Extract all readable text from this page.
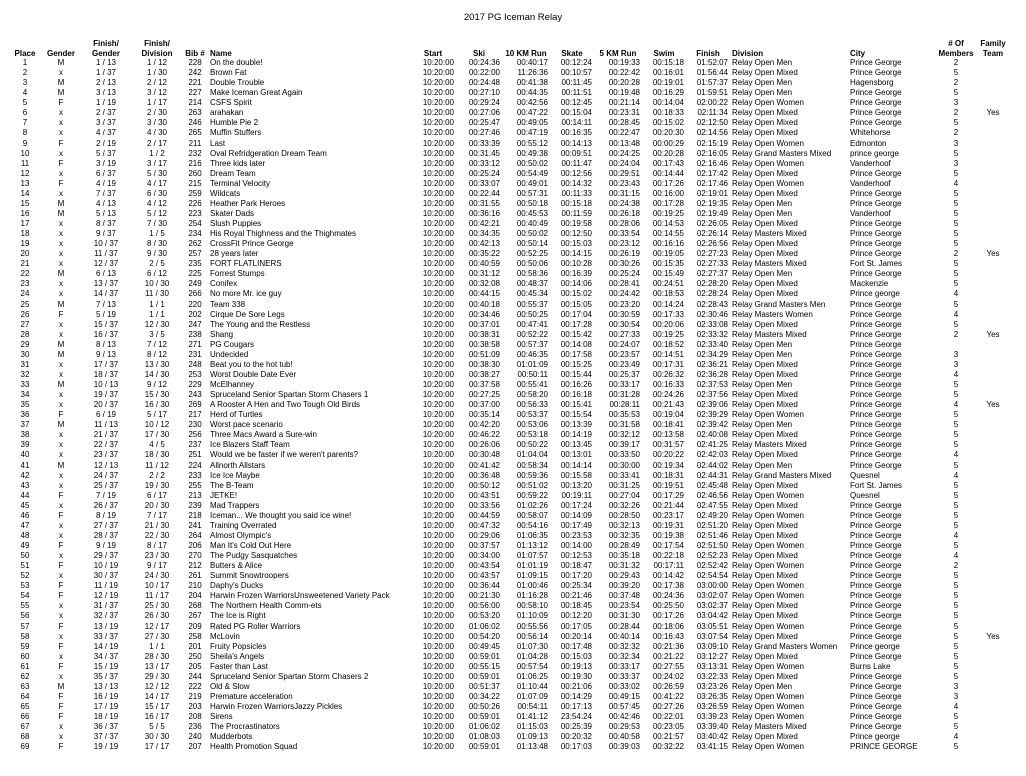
2017 PG Iceman Relay
Place	Gender	Finish/ Gender	Finish/ Division	Bib #	Name	Start	Ski	10 KM Run	Skate	5 KM Run	Swim	Finish	Division	City	# Of Members	Family Team
1	M	1 / 13	1 / 12	228	On the double!	10:20:00	00:24:36	00:40:17	00:12:24	00:19:33	00:15:18	01:52:07	Relay Open Men	Prince George	2	
2	x	1 / 37	1 / 30	242	Brown Fat	10:20:00	00:22:00	11:26:36	00:10:57	00:22:42	00:16:01	01:56:44	Relay Open Mixed	Prince George	5	
3	M	2 / 13	2 / 12	221	Double Trouble	10:20:00	00:24:48	00:41:38	00:11:45	00:20:28	00:19:01	01:57:37	Relay Open Men	Hagensborg	2	
4	M	3 / 13	3 / 12	227	Make Iceman Great Again	10:20:00	00:27:10	00:44:35	00:11:51	00:19:48	00:16:29	01:59:51	Relay Open Men	Prince George	5	
5	F	1 / 19	1 / 17	214	CSFS Spirit	10:20:00	00:29:24	00:42:56	00:12:45	00:21:14	00:14:04	02:00:22	Relay Open Women	Prince George	3	
6	x	2 / 37	2 / 30	263	arahakan	10:20:00	00:27:06	00:47:22	00:15:04	00:23:31	00:18:33	02:11:34	Relay Open Mixed	Prince George	2	Yes
7	x	3 / 37	3 / 30	246	Humble Pie 2	10:20:00	00:25:47	00:49:05	00:14:11	00:28:45	00:15:02	02:12:50	Relay Open Mixed	Prince George	5	
8	x	4 / 37	4 / 30	265	Muffin Stuffers	10:20:00	00:27:46	00:47:19	00:16:35	00:22:47	00:20:30	02:14:56	Relay Open Mixed	Whitehorse	2	
9	F	2 / 19	2 / 17	211	Last	10:20:00	00:33:39	00:55:12	00:14:13	00:13:48	00:00:29	02:15:19	Relay Open Women	Edmonton	3	
10	x	5 / 37	1 / 2	232	Oval Refridgeration Dream Team	10:20:00	00:31:45	00:49:38	00:09:51	00:24:25	00:20:28	02:16:05	Relay Grand Masters Mixed	prince george	5	
11	F	3 / 19	3 / 17	216	Three kids later	10:20:00	00:33:12	00:50:02	00:11:47	00:24:04	00:17:43	02:16:46	Relay Open Women	Vanderhoof	3	
12	x	6 / 37	5 / 30	260	Dream Team	10:20:00	00:25:24	00:54:49	00:12:56	00:29:51	00:14:44	02:17:42	Relay Open Mixed	Prince George	5	
13	F	4 / 19	4 / 17	215	Terminal Velocity	10:20:00	00:33:07	00:49:01	00:14:32	00:23:43	00:17:26	02:17:46	Relay Open Women	Vanderhoof	4	
14	x	7 / 37	6 / 30	259	Wildcats	10:20:00	00:22:44	00:57:31	00:11:33	00:31:15	00:16:00	02:19:01	Relay Open Mixed	Prince George	5	
15	M	4 / 13	4 / 12	226	Heather Park Heroes	10:20:00	00:31:55	00:50:18	00:15:18	00:24:38	00:17:28	02:19:35	Relay Open Men	Prince George	5	
16	M	5 / 13	5 / 12	223	Skater Dads	10:20:00	00:36:16	00:45:53	00:11:59	00:26:18	00:19:25	02:19:49	Relay Open Men	Vanderhoof	5	
17	x	8 / 37	7 / 30	254	Slush Puppies	10:20:00	00:42:21	00:40:49	00:19:58	00:28:06	00:14:53	02:26:05	Relay Open Mixed	Prince George	5	
18	x	9 / 37	1 / 5	234	His Royal Thighness and the Thighmates	10:20:00	00:34:35	00:50:02	00:12:50	00:33:54	00:14:55	02:26:14	Relay Masters Mixed	Prince George	5	
19	x	10 / 37	8 / 30	262	CrossFit Prince George	10:20:00	00:42:13	00:50:14	00:15:03	00:23:12	00:16:16	02:26:56	Relay Open Mixed	Prince George	5	
20	x	11 / 37	9 / 30	257	28 years later	10:20:00	00:35:22	00:52:25	00:14:15	00:26:19	00:19:05	02:27:23	Relay Open Mixed	Prince George	2	Yes
21	x	12 / 37	2 / 5	235	FORT FLATLINERS	10:20:00	00:40:59	00:50:06	00:10:28	00:30:26	00:15:35	02:27:33	Relay Masters Mixed	Fort St. James	5	
22	M	6 / 13	6 / 12	225	Forrest Stumps	10:20:00	00:31:12	00:58:36	00:16:39	00:25:24	00:15:49	02:27:37	Relay Open Men	Prince George	5	
23	x	13 / 37	10 / 30	249	Conifex	10:20:00	00:32:08	00:48:37	00:14:06	00:28:41	00:24:51	02:28:20	Relay Open Mixed	Mackenzie	5	
24	x	14 / 37	11 / 30	266	No more Mr. ice guy	10:20:00	00:44:15	00:45:34	00:15:02	00:24:42	00:18:53	02:28:24	Relay Open Mixed	Prince george	4	
25	M	7 / 13	1 / 1	220	Team 338	10:20:00	00:40:18	00:55:37	00:15:05	00:23:20	00:14:24	02:28:43	Relay Grand Masters Men	Prince George	5	
26	F	5 / 19	1 / 1	202	Cirque De Sore Legs	10:20:00	00:34:46	00:50:25	00:17:04	00:30:59	00:17:33	02:30:46	Relay Masters Women	Prince George	4	
27	x	15 / 37	12 / 30	247	The Young and the Restless	10:20:00	00:37:01	00:47:41	00:17:28	00:30:54	00:20:06	02:33:08	Relay Open Mixed	Prince George	5	
28	x	16 / 37	3 / 5	238	Shang	10:20:00	00:38:31	00:52:22	00:15:42	00:27:33	00:19:25	02:33:32	Relay Masters Mixed	Prince George	2	Yes
29	M	8 / 13	7 / 12	271	PG Cougars	10:20:00	00:38:58	00:57:37	00:14:08	00:24:07	00:18:52	02:33:40	Relay Open Men	Prince George		
30	M	9 / 13	8 / 12	231	Undecided	10:20:00	00:51:09	00:46:35	00:17:58	00:23:57	00:14:51	02:34:29	Relay Open Men	Prince George	3	
31	x	17 / 37	13 / 30	248	Beat you to the hot tub!	10:20:00	00:38:30	01:01:09	00:15:25	00:23:49	00:17:31	02:36:21	Relay Open Mixed	Prince George	3	
32	x	18 / 37	14 / 30	253	Worst Double Date Ever	10:20:00	00:38:27	00:50:11	00:15:44	00:25:37	00:26:32	02:36:28	Relay Open Mixed	Prince George	4	
33	M	10 / 13	9 / 12	229	McElhanney	10:20:00	00:37:58	00:55:41	00:16:26	00:33:17	00:16:33	02:37:53	Relay Open Men	Prince George	5	
34	x	19 / 37	15 / 30	243	Spruceland Senior Spartan Storm Chasers 1	10:20:00	00:27:25	00:58:20	00:16:18	00:31:28	00:24:26	02:37:56	Relay Open Mixed	Prince George	5	
35	x	20 / 37	16 / 30	269	A Rooster A Hen and Two Tough Old Birds	10:20:00	00:37:00	00:56:33	00:15:41	00:28:11	00:21:43	02:39:06	Relay Open Mixed	Prince George	4	Yes
36	F	6 / 19	5 / 17	217	Herd of Turtles	10:20:00	00:35:14	00:53:37	00:15:54	00:35:53	00:19:04	02:39:29	Relay Open Women	Prince George	5	
37	M	11 / 13	10 / 12	230	Worst pace scenario	10:20:00	00:42:20	00:53:06	00:13:39	00:31:58	00:18:41	02:39:42	Relay Open Men	Prince George	5	
38	x	21 / 37	17 / 30	256	Three Macs Award a Sure-win	10:20:00	00:46:22	00:53:18	00:14:19	00:32:12	00:13:58	02:40:08	Relay Open Mixed	Prince George	5	
39	x	22 / 37	4 / 5	237	Ice Blazers Staff Team	10:20:00	00:26:06	00:50:22	00:13:45	00:39:17	00:31:57	02:41:25	Relay Masters Mixed	Prince George	5	
40	x	23 / 37	18 / 30	251	Would we be faster if we weren't parents?	10:20:00	00:30:48	01:04:04	00:13:01	00:33:50	00:20:22	02:42:03	Relay Open Mixed	Prince George	4	
41	M	12 / 13	11 / 12	224	Allnorth Allstars	10:20:00	00:41:42	00:58:34	00:14:14	00:30:00	00:19:34	02:44:02	Relay Open Men	Prince George	5	
42	x	24 / 37	2 / 2	233	Ice Ice Maybe	10:20:00	00:36:48	00:59:36	00:15:58	00:33:41	00:18:31	02:44:31	Relay Grand Masters Mixed	Quesnel	4	
43	x	25 / 37	19 / 30	255	The B-Team	10:20:00	00:50:12	00:51:02	00:13:20	00:31:25	00:19:51	02:45:48	Relay Open Mixed	Fort St. James	5	
44	F	7 / 19	6 / 17	213	JETKE!	10:20:00	00:43:51	00:59:22	00:19:11	00:27:04	00:17:29	02:46:56	Relay Open Women	Quesnel	5	
45	x	26 / 37	20 / 30	239	Mad Trappers	10:20:00	00:33:56	01:02:26	00:17:24	00:32:26	00:21:44	02:47:55	Relay Open Mixed	Prince George	5	
46	F	8 / 19	7 / 17	218	Iceman... We thought you said ice wine!	10:20:00	00:44:59	00:58:07	00:14:09	00:28:50	00:23:17	02:49:20	Relay Open Women	Prince George	5	
47	x	27 / 37	21 / 30	241	Training Overrated	10:20:00	00:47:32	00:54:16	00:17:49	00:32:13	00:19:31	02:51:20	Relay Open Mixed	Prince George	5	
48	x	28 / 37	22 / 30	264	Almost Olympic's	10:20:00	00:29:06	01:06:35	00:23:53	00:32:35	00:19:38	02:51:46	Relay Open Mixed	Prince George	4	
49	F	9 / 19	8 / 17	206	Man It's Cold Out Here	10:20:00	00:37:57	01:13:12	00:14:00	00:28:49	00:17:54	02:51:50	Relay Open Women	Prince George	5	
50	x	29 / 37	23 / 30	270	The Pudgy Sasquatches	10:20:00	00:34:00	01:07:57	00:12:53	00:35:18	00:22:18	02:52:23	Relay Open Mixed	Prince George	4	
51	F	10 / 19	9 / 17	212	Butters & Alice	10:20:00	00:43:54	01:01:19	00:18:47	00:31:32	00:17:11	02:52:42	Relay Open Women	Prince George	2	
52	x	30 / 37	24 / 30	261	Summit Snowtroopers	10:20:00	00:43:57	01:09:15	00:17:20	00:29:43	00:14:42	02:54:54	Relay Open Mixed	Prince George	5	
53	F	11 / 19	10 / 17	210	Daphy's Ducks	10:20:00	00:36:44	01:00:46	00:25:34	00:39:20	00:17:38	03:00:00	Relay Open Women	Prince George	5	
54	F	12 / 19	11 / 17	204	Harwin Frozen WarriorsUnsweetened Variety Pack	10:20:00	00:21:30	01:16:28	00:21:46	00:37:48	00:24:36	03:02:07	Relay Open Women	Prince George	5	
55	x	31 / 37	25 / 30	268	The Northern Health Comm-ets	10:20:00	00:56:00	00:58:10	00:18:45	00:23:54	00:25:50	03:02:37	Relay Open Mixed	Prince George	5	
56	x	32 / 37	26 / 30	267	The Ice is Right	10:20:00	00:53:20	01:10:09	00:12:20	00:31:30	00:17:26	03:04:42	Relay Open Mixed	Prince George	5	
57	F	13 / 19	12 / 17	209	Rated PG Roller Warriors	10:20:00	01:06:02	00:55:56	00:17:05	00:28:44	00:18:06	03:05:51	Relay Open Women	Prince George	5	
58	x	33 / 37	27 / 30	258	McLovin	10:20:00	00:54:20	00:56:14	00:20:14	00:40:14	00:16:43	03:07:54	Relay Open Mixed	Prince George	5	Yes
59	F	14 / 19	1 / 1	201	Fruity Popsicles	10:20:00	00:49:45	01:07:30	00:17:48	00:32:32	00:21:36	03:09:10	Relay Grand Masters Women	Prince george	5	
60	x	34 / 37	28 / 30	250	Sheila's Angels	10:20:00	00:59:01	01:04:28	00:15:03	00:32:34	00:21:22	03:12:27	Relay Open Mixed	Prince George	5	
61	F	15 / 19	13 / 17	205	Faster than Last	10:20:00	00:55:15	00:57:54	00:19:13	00:33:17	00:27:55	03:13:31	Relay Open Women	Burns Lake	5	
62	x	35 / 37	29 / 30	244	Spruceland Senior Spartan Storm Chasers 2	10:20:00	00:59:01	01:06:25	00:19:30	00:33:37	00:24:02	03:22:33	Relay Open Mixed	Prince George	5	
63	M	13 / 13	12 / 12	222	Old & Slow	10:20:00	00:51:37	01:10:44	00:21:06	00:33:02	00:26:59	03:23:26	Relay Open Men	Prince George	3	
64	F	16 / 19	14 / 17	219	Premature acceleration	10:20:00	00:34:22	01:07:09	00:14:29	00:49:15	00:41:22	03:26:35	Relay Open Women	Prince George	3	
65	F	17 / 19	15 / 17	203	Harwin Frozen WarriorsJazzy Pickles	10:20:00	00:50:26	00:54:11	00:17:13	00:57:45	00:27:26	03:26:59	Relay Open Women	Prince George	4	
66	F	18 / 19	16 / 17	208	Sirens	10:20:00	00:59:01	01:41:12	23:54:24	00:42:46	00:22:01	03:39:23	Relay Open Women	Prince George	5	
67	x	36 / 37	5 / 5	236	The Procrastinators	10:20:00	01:06:02	01:15:03	00:25:39	00:29:53	00:23:05	03:39:40	Relay Masters Mixed	Prince George	5	
68	x	37 / 37	30 / 30	240	Mudderbots	10:20:00	01:08:03	01:09:13	00:20:32	00:40:58	00:21:57	03:40:42	Relay Open Mixed	Prince george	4	
69	F	19 / 19	17 / 17	207	Health Promotion Squad	10:20:00	00:59:01	01:13:48	00:17:03	00:39:03	00:32:22	03:41:15	Relay Open Women	PRINCE GEORGE	5	
